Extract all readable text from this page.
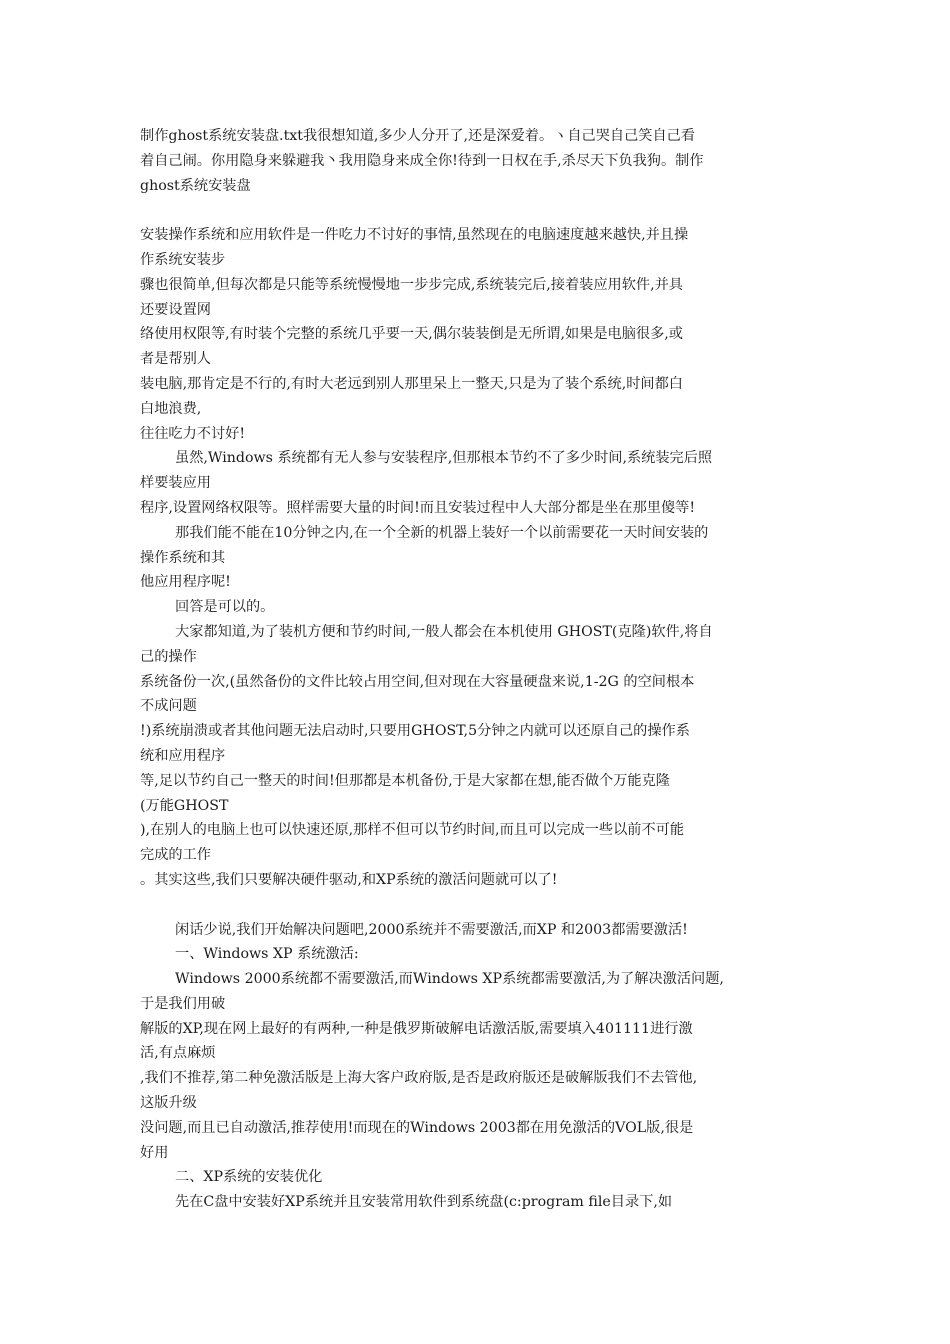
制作ghost系统安装盘.txt我很想知道,多少人分开了,还是深爱着。ヽ自己哭自己笑自己看
着自己闹。你用隐身来躲避我丶我用隐身来成全你!待到一日权在手,杀尽天下负我狗。制作
ghost系统安装盘
安装操作系统和应用软件是一件吃力不讨好的事情,虽然现在的电脑速度越来越快,并且操
作系统安装步
骤也很简单,但每次都是只能等系统慢慢地一步步完成,系统装完后,接着装应用软件,并具
还要设置网
络使用权限等,有时装个完整的系统几乎要一天,偶尔装装倒是无所谓,如果是电脑很多,或
者是帮别人
装电脑,那肯定是不行的,有时大老远到别人那里呆上一整天,只是为了装个系统,时间都白
白地浪费,
往往吃力不讨好!
虽然,Windows 系统都有无人参与安装程序,但那根本节约不了多少时间,系统装完后照
样要装应用
程序,设置网络权限等。照样需要大量的时间!而且安装过程中人大部分都是坐在那里傻等!
那我们能不能在10分钟之内,在一个全新的机器上装好一个以前需要花一天时间安装的
操作系统和其
他应用程序呢!
回答是可以的。
大家都知道,为了装机方便和节约时间,一般人都会在本机使用 GHOST(克隆)软件,将自
己的操作
系统备份一次,(虽然备份的文件比较占用空间,但对现在大容量硬盘来说,1-2G 的空间根本
不成问题
!)系统崩溃或者其他问题无法启动时,只要用GHOST,5分钟之内就可以还原自己的操作系
统和应用程序
等,足以节约自己一整天的时间!但那都是本机备份,于是大家都在想,能否做个万能克隆
(万能GHOST
),在别人的电脑上也可以快速还原,那样不但可以节约时间,而且可以完成一些以前不可能
完成的工作
。其实这些,我们只要解决硬件驱动,和XP系统的激活问题就可以了!
闲话少说,我们开始解决问题吧,2000系统并不需要激活,而XP 和2003都需要激活!
一、Windows XP 系统激活:
Windows 2000系统都不需要激活,而Windows XP系统都需要激活,为了解决激活问题,
于是我们用破
解版的XP,现在网上最好的有两种,一种是俄罗斯破解电话激活版,需要填入401111进行激
活,有点麻烦
,我们不推荐,第二种免激活版是上海大客户政府版,是否是政府版还是破解版我们不去管他,
这版升级
没问题,而且已自动激活,推荐使用!而现在的Windows 2003都在用免激活的VOL版,很是
好用
二、XP系统的安装优化
先在C盘中安装好XP系统并且安装常用软件到系统盘(c:program file目录下,如
